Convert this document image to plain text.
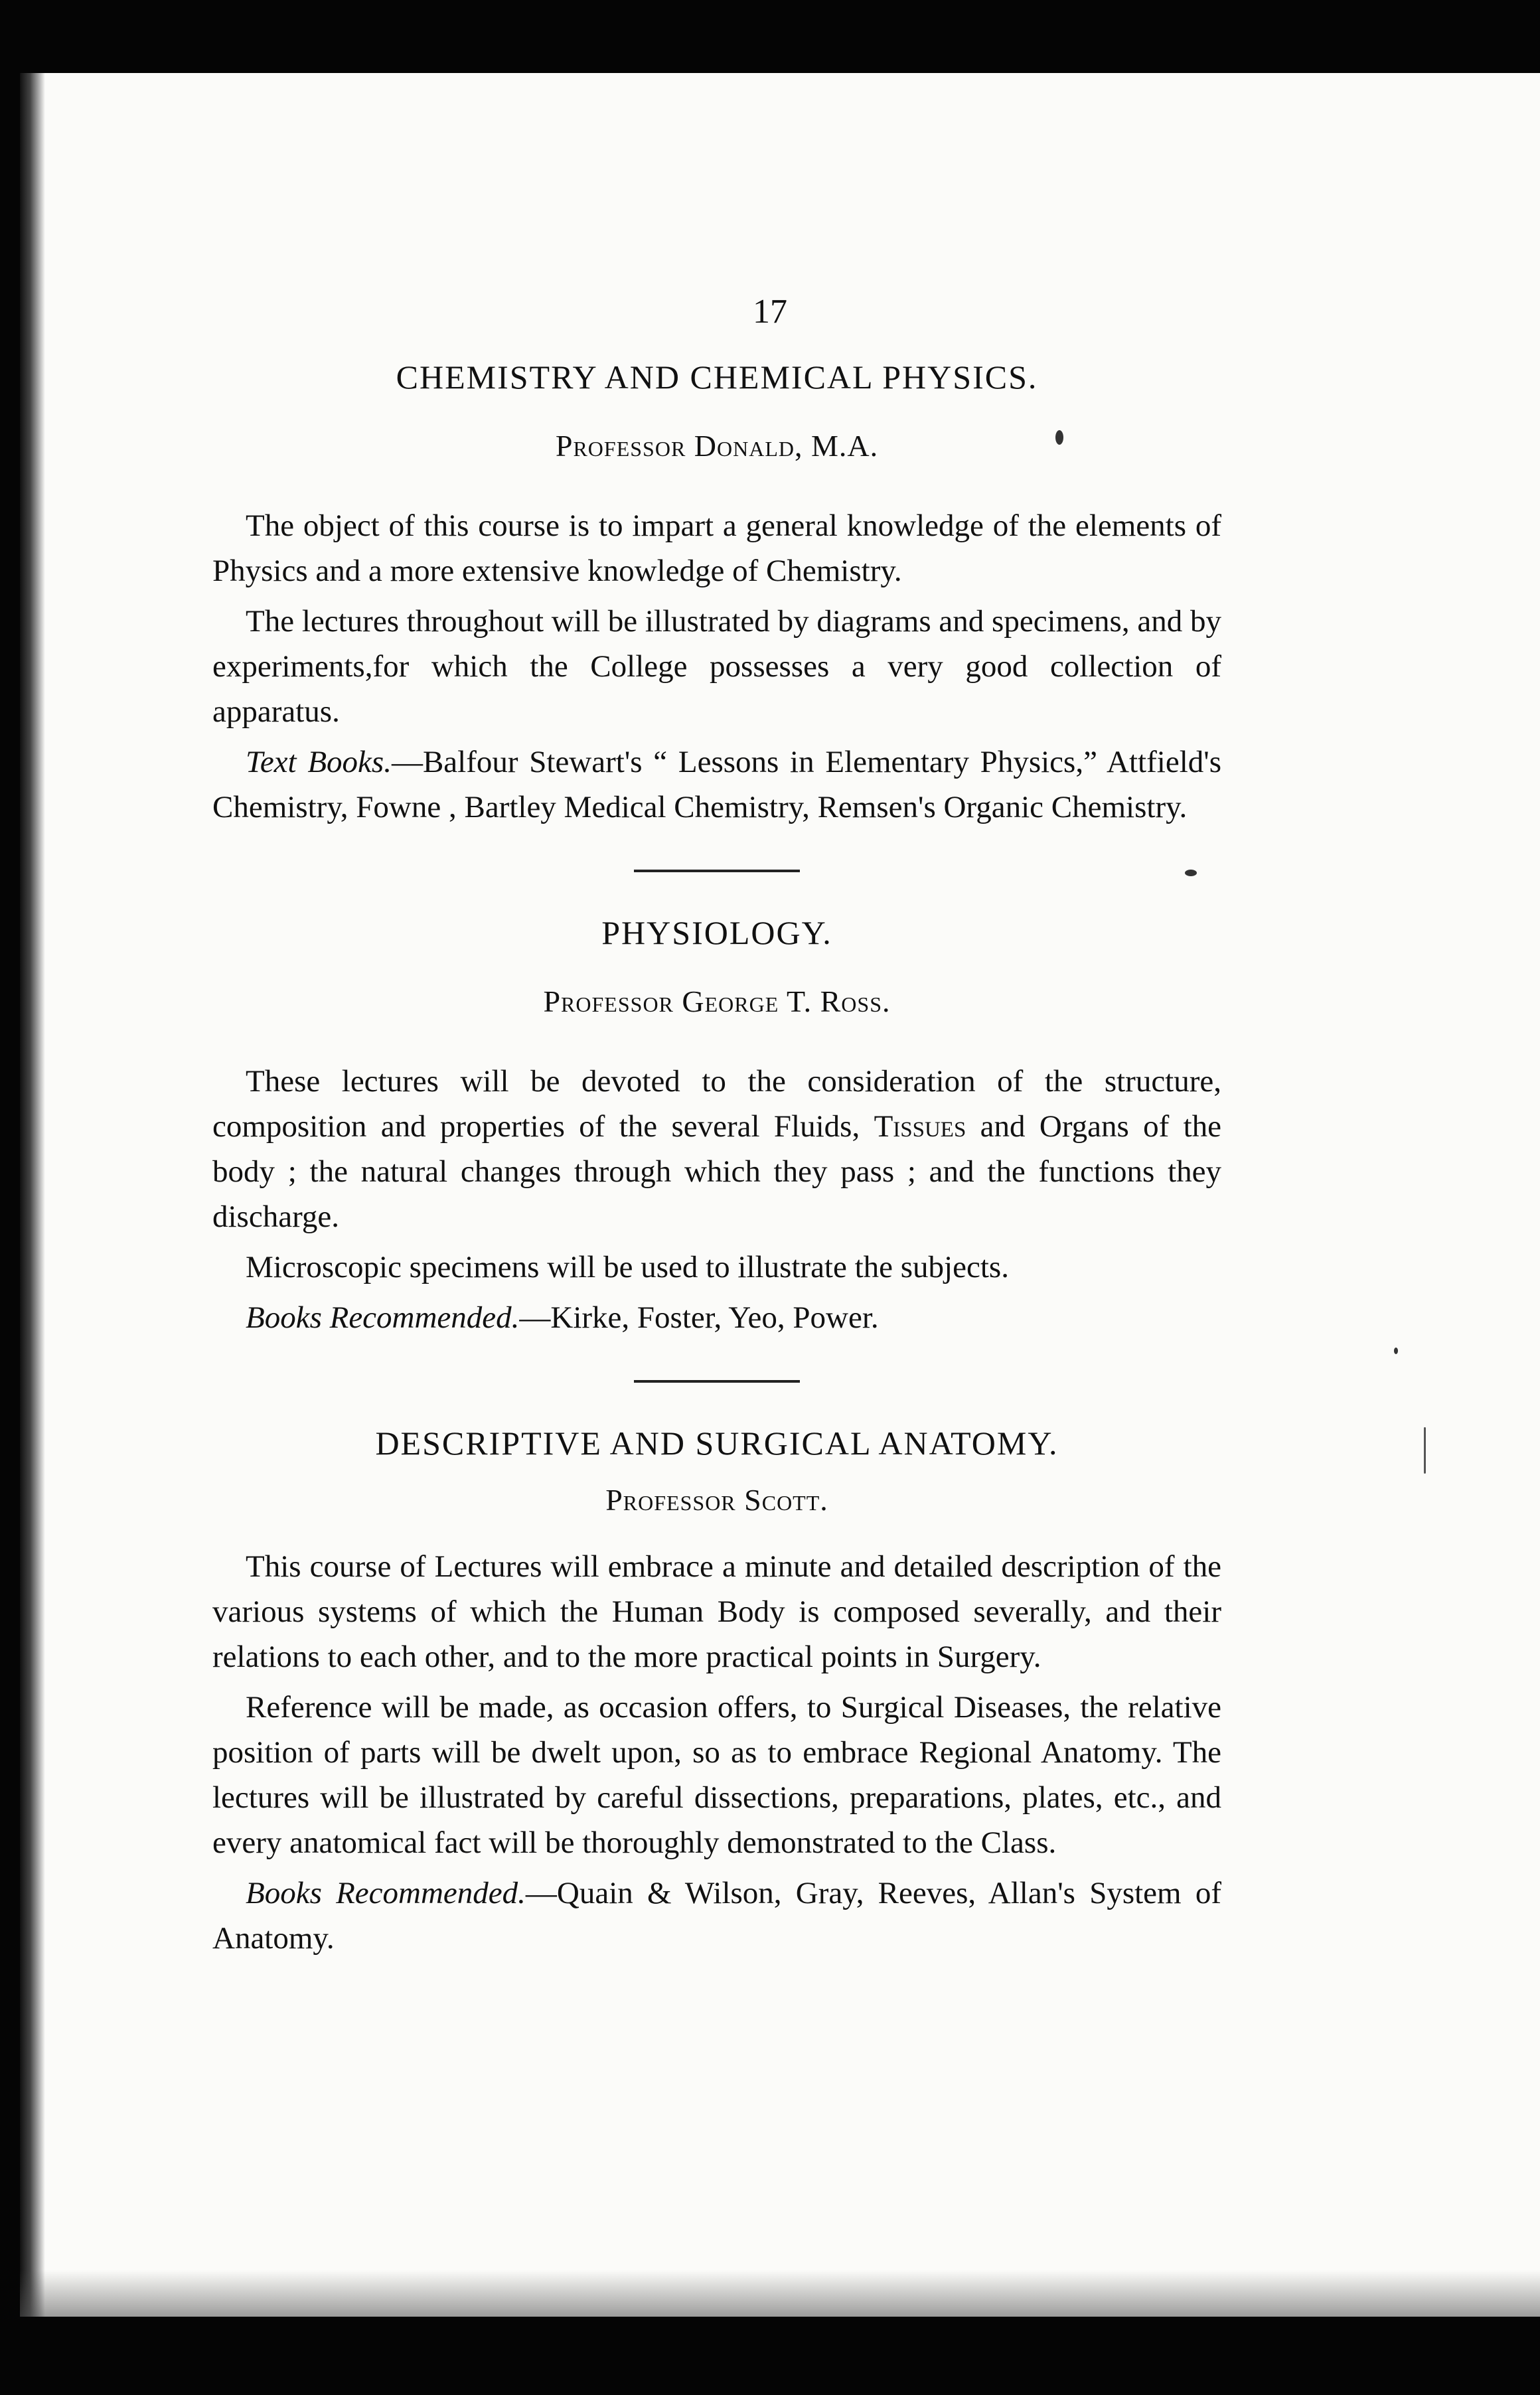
17
CHEMISTRY AND CHEMICAL PHYSICS.
Professor Donald, M.A.

The object of this course is to impart a general knowledge of the elements of Physics and a more extensive knowledge of Chemistry.

The lectures throughout will be illustrated by diagrams and specimens, and by experiments,for which the College possesses a very good collection of apparatus.

Text Books.—Balfour Stewart's “ Lessons in Elementary Physics,” Attfield's Chemistry, Fowne , Bartley Medical Chemistry, Remsen's Organic Chemistry.

PHYSIOLOGY.
Professor George T. Ross.

These lectures will be devoted to the consideration of the structure, composition and properties of the several Fluids, Tissues and Organs of the body ; the natural changes through which they pass ; and the functions they discharge.

Microscopic specimens will be used to illustrate the subjects.

Books Recommended.—Kirke, Foster, Yeo, Power.

DESCRIPTIVE AND SURGICAL ANATOMY.
Professor Scott.

This course of Lectures will embrace a minute and detailed description of the various systems of which the Human Body is composed severally, and their relations to each other, and to the more practical points in Surgery.

Reference will be made, as occasion offers, to Surgical Diseases, the relative position of parts will be dwelt upon, so as to embrace Regional Anatomy. The lectures will be illustrated by careful dissections, preparations, plates, etc., and every anatomical fact will be thoroughly demonstrated to the Class.

Books Recommended.—Quain & Wilson, Gray, Reeves, Allan's System of Anatomy.
